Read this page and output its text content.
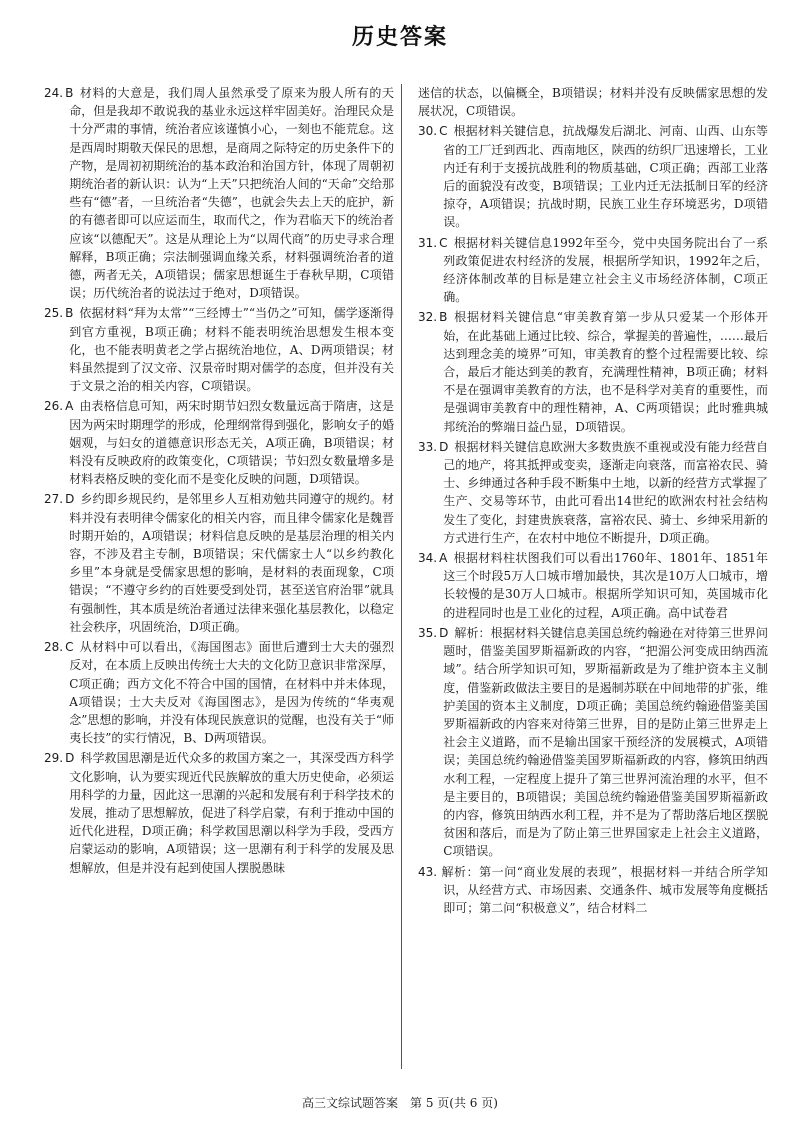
历史答案

24. B 材料的大意是，我们周人虽然承受了原来为殷人所有的天命，但是我却不敢说我的基业永远这样牢固美好。治理民众是十分严肃的事情，统治者应该谨慎小心，一刻也不能荒怠。这是西周时期敬天保民的思想，是商周之际特定的历史条件下的产物，是周初初期统治的基本政治和治国方针，体现了周朝初期统治者的新认识：认为“上天”只把统治人间的“天命”交给那些有“德”者，一旦统治者“失德”，也就会失去上天的庇护，新的有德者即可以应运而生，取而代之，作为君临天下的统治者应该“以德配天”。这是从理论上为“以周代商”的历史寻求合理解释，B项正确；宗法制强调血缘关系，材料强调统治者的道德，两者无关，A项错误；儒家思想诞生于春秋早期，C项错误；历代统治者的说法过于绝对，D项错误。

25. B 依据材料“拜为太常”“三经博士”“当仍之”可知，儒学逐渐得到官方重视，B项正确；材料不能表明统治思想发生根本变化，也不能表明黄老之学占据统治地位，A、D两项错误；材料虽然提到了汉文帝、汉景帝时期对儒学的态度，但并没有关于文景之治的相关内容，C项错误。

26. A 由表格信息可知，两宋时期节妇烈女数量远高于隋唐，这是因为两宋时期理学的形成，伦理纲常得到强化，影响女子的婚姻观，与妇女的道德意识形态无关，A项正确，B项错误；材料没有反映政府的政策变化，C项错误；节妇烈女数量增多是材料表格反映的变化而不是变化反映的问题，D项错误。

27. D 乡约即乡规民约，是邻里乡人互相劝勉共同遵守的规约。材料并没有表明律令儒家化的相关内容，而且律令儒家化是魏晋时期开始的，A项错误；材料信息反映的是基层治理的相关内容，不涉及君主专制，B项错误；宋代儒家士人“以乡约教化乡里”本身就是受儒家思想的影响，是材料的表面现象，C项错误；“不遵守乡约的百姓要受到处罚，甚至送官府治罪”就具有强制性，其本质是统治者通过法律来强化基层教化，以稳定社会秩序，巩固统治，D项正确。

28. C 从材料中可以看出，《海国图志》面世后遭到士大夫的强烈反对，在本质上反映出传统士大夫的文化防卫意识非常深厚，C项正确；西方文化不符合中国的国情，在材料中并未体现，A项错误；士大夫反对《海国图志》，是因为传统的“华夷观念”思想的影响，并没有体现民族意识的觉醒，也没有关于“师夷长技”的实行情况，B、D两项错误。

29. D 科学救国思潮是近代众多的救国方案之一，其深受西方科学文化影响，认为要实现近代民族解放的重大历史使命，必须运用科学的力量，因此这一思潮的兴起和发展有利于科学技术的发展，推动了思想解放，促进了科学启蒙，有利于推动中国的近代化进程，D项正确；科学救国思潮以科学为手段，受西方启蒙运动的影响，A项错误；这一思潮有利于科学的发展及思想解放，但是并没有起到使国人摆脱愚昧

迷信的状态，以偏概全，B项错误；材料并没有反映儒家思想的发展状况，C项错误。

30. C 根据材料关键信息，抗战爆发后湖北、河南、山西、山东等省的工厂迁到西北、西南地区，陕西的纺织厂迅速增长，工业内迁有利于支援抗战胜利的物质基础，C项正确；西部工业落后的面貌没有改变，B项错误；工业内迁无法抵制日军的经济掠夺，A项错误；抗战时期，民族工业生存环境恶劣，D项错误。

31. C 根据材料关键信息1992年至今，党中央国务院出台了一系列政策促进农村经济的发展，根据所学知识，1992年之后，经济体制改革的目标是建立社会主义市场经济体制，C项正确。

32. B 根据材料关键信息“审美教育第一步从只爱某一个形体开始，在此基础上通过比较、综合，掌握美的普遍性，……最后达到理念美的境界”可知，审美教育的整个过程需要比较、综合，最后才能达到美的教育，充满理性精神，B项正确；材料不是在强调审美教育的方法，也不是科学对美育的重要性，而是强调审美教育中的理性精神，A、C两项错误；此时雅典城邦统治的弊端日益凸显，D项错误。

33. D 根据材料关键信息欧洲大多数贵族不重视或没有能力经营自己的地产，将其抵押或变卖，逐渐走向衰落，而富裕农民、骑士、乡绅通过各种手段不断集中土地，以新的经营方式掌握了生产、交易等环节，由此可看出14世纪的欧洲农村社会结构发生了变化，封建贵族衰落，富裕农民、骑士、乡绅采用新的方式进行生产，在农村中地位不断提升，D项正确。

34. A 根据材料柱状图我们可以看出1760年、1801年、1851年这三个时段5万人口城市增加最快，其次是10万人口城市，增长较慢的是30万人口城市。根据所学知识可知，英国城市化的进程同时也是工业化的过程，A项正确。高中试卷君

35. D 解析：根据材料关键信息美国总统约翰逊在对待第三世界问题时，借鉴美国罗斯福新政的内容，“把湄公河变成田纳西流域”。结合所学知识可知，罗斯福新政是为了维护资本主义制度，借鉴新政做法主要目的是遏制苏联在中间地带的扩张，维护美国的资本主义制度，D项正确；美国总统约翰逊借鉴美国罗斯福新政的内容来对待第三世界，目的是防止第三世界走上社会主义道路，而不是输出国家干预经济的发展模式，A项错误；美国总统约翰逊借鉴美国罗斯福新政的内容，修筑田纳西水利工程，一定程度上提升了第三世界河流治理的水平，但不是主要目的，B项错误；美国总统约翰逊借鉴美国罗斯福新政的内容，修筑田纳西水利工程，并不是为了帮助落后地区摆脱贫困和落后，而是为了防止第三世界国家走上社会主义道路，C项错误。

43. 解析：第一问“商业发展的表现”，根据材料一并结合所学知识，从经营方式、市场因素、交通条件、城市发展等角度概括即可；第二问“积极意义”，结合材料二

高三文综试题答案　第 5 页(共 6 页)
